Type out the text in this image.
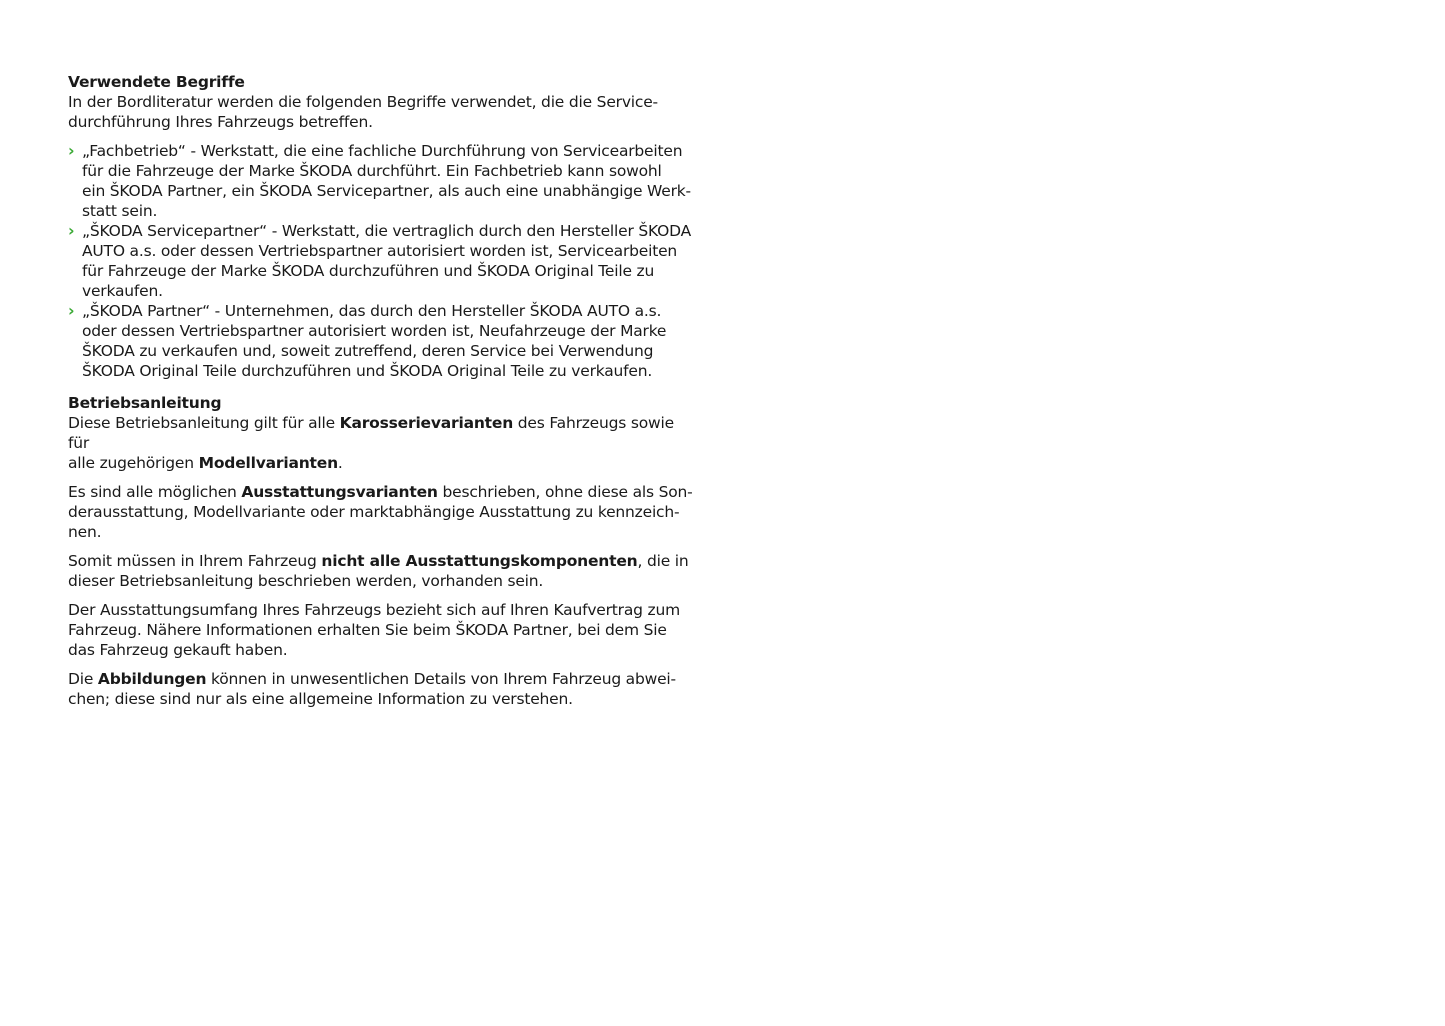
Verwendete Begriffe
In der Bordliteratur werden die folgenden Begriffe verwendet, die die Service-
durchführung Ihres Fahrzeugs betreffen.
› „Fachbetrieb“ - Werkstatt, die eine fachliche Durchführung von Servicearbeiten
für die Fahrzeuge der Marke ŠKODA durchführt. Ein Fachbetrieb kann sowohl
ein ŠKODA Partner, ein ŠKODA Servicepartner, als auch eine unabhängige Werk-
statt sein.
› „ŠKODA Servicepartner“ - Werkstatt, die vertraglich durch den Hersteller ŠKODA
AUTO a.s. oder dessen Vertriebspartner autorisiert worden ist, Servicearbeiten
für Fahrzeuge der Marke ŠKODA durchzuführen und ŠKODA Original Teile zu
verkaufen.
› „ŠKODA Partner“ - Unternehmen, das durch den Hersteller ŠKODA AUTO a.s.
oder dessen Vertriebspartner autorisiert worden ist, Neufahrzeuge der Marke
ŠKODA zu verkaufen und, soweit zutreffend, deren Service bei Verwendung
ŠKODA Original Teile durchzuführen und ŠKODA Original Teile zu verkaufen.
Betriebsanleitung
Diese Betriebsanleitung gilt für alle Karosserievarianten des Fahrzeugs sowie für
alle zugehörigen Modellvarianten.
Es sind alle möglichen Ausstattungsvarianten beschrieben, ohne diese als Son-
derausstattung, Modellvariante oder marktabhängige Ausstattung zu kennzeich-
nen.
Somit müssen in Ihrem Fahrzeug nicht alle Ausstattungskomponenten, die in
dieser Betriebsanleitung beschrieben werden, vorhanden sein.
Der Ausstattungsumfang Ihres Fahrzeugs bezieht sich auf Ihren Kaufvertrag zum
Fahrzeug. Nähere Informationen erhalten Sie beim ŠKODA Partner, bei dem Sie
das Fahrzeug gekauft haben.
Die Abbildungen können in unwesentlichen Details von Ihrem Fahrzeug abwei-
chen; diese sind nur als eine allgemeine Information zu verstehen.
